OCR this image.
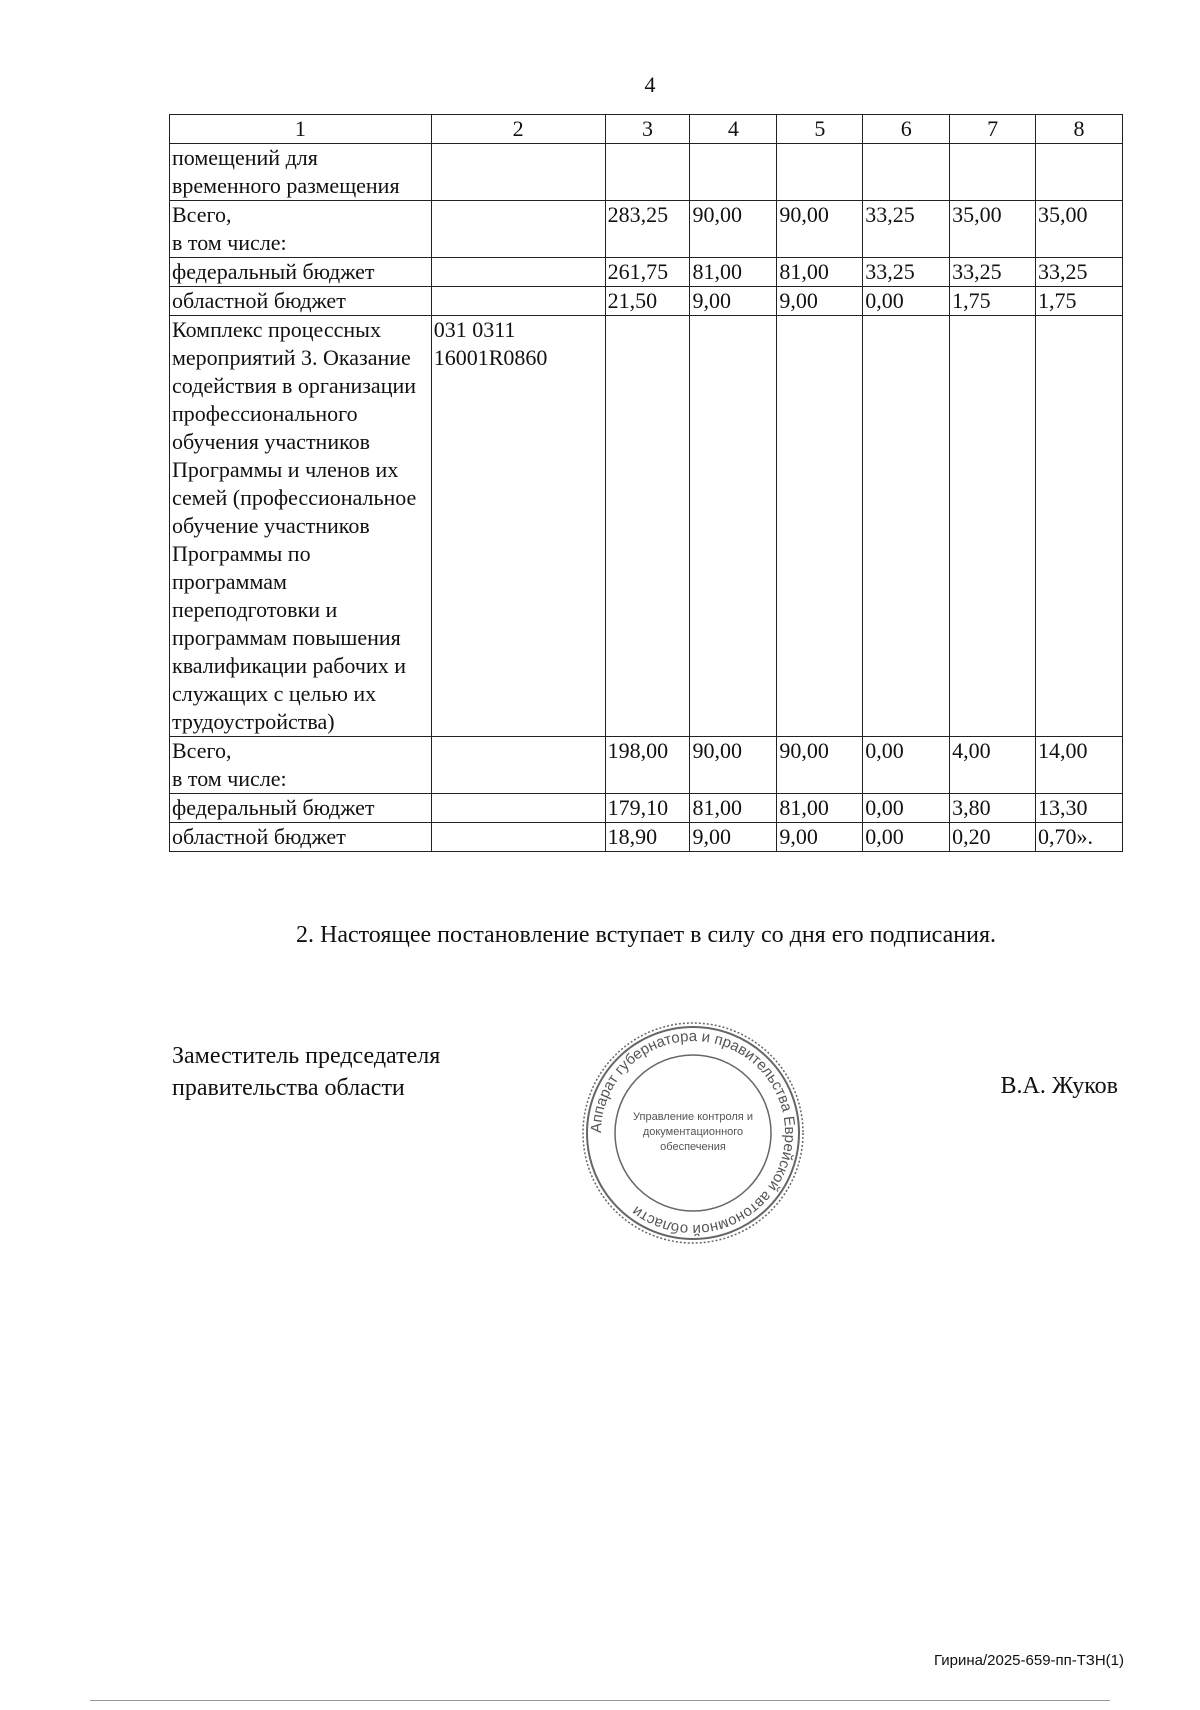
4
1	2	3	4	5	6	7	8
помещений для временного размещения							
Всего,
в том числе:		283,25	90,00	90,00	33,25	35,00	35,00
федеральный бюджет		261,75	81,00	81,00	33,25	33,25	33,25
областной бюджет		21,50	9,00	9,00	0,00	1,75	1,75
Комплекс процессных мероприятий 3. Оказание содействия в организации профессионального обучения участников Программы и членов их семей (профессиональное обучение участников Программы по программам переподготовки и программам повышения квалификации рабочих и служащих с целью их трудоустройства)	031 0311 16001R0860						
Всего,
в том числе:		198,00	90,00	90,00	0,00	4,00	14,00
федеральный бюджет		179,10	81,00	81,00	0,00	3,80	13,30
областной бюджет		18,90	9,00	9,00	0,00	0,20	0,70».
2. Настоящее постановление вступает в силу со дня его подписания.
Заместитель председателя
правительства области
Аппарат губернатора и правительства Еврейской автономной области
Управление контроля и
документационного
обеспечения
В.А. Жуков
Гирина/2025-659-пп-ТЗН(1)
